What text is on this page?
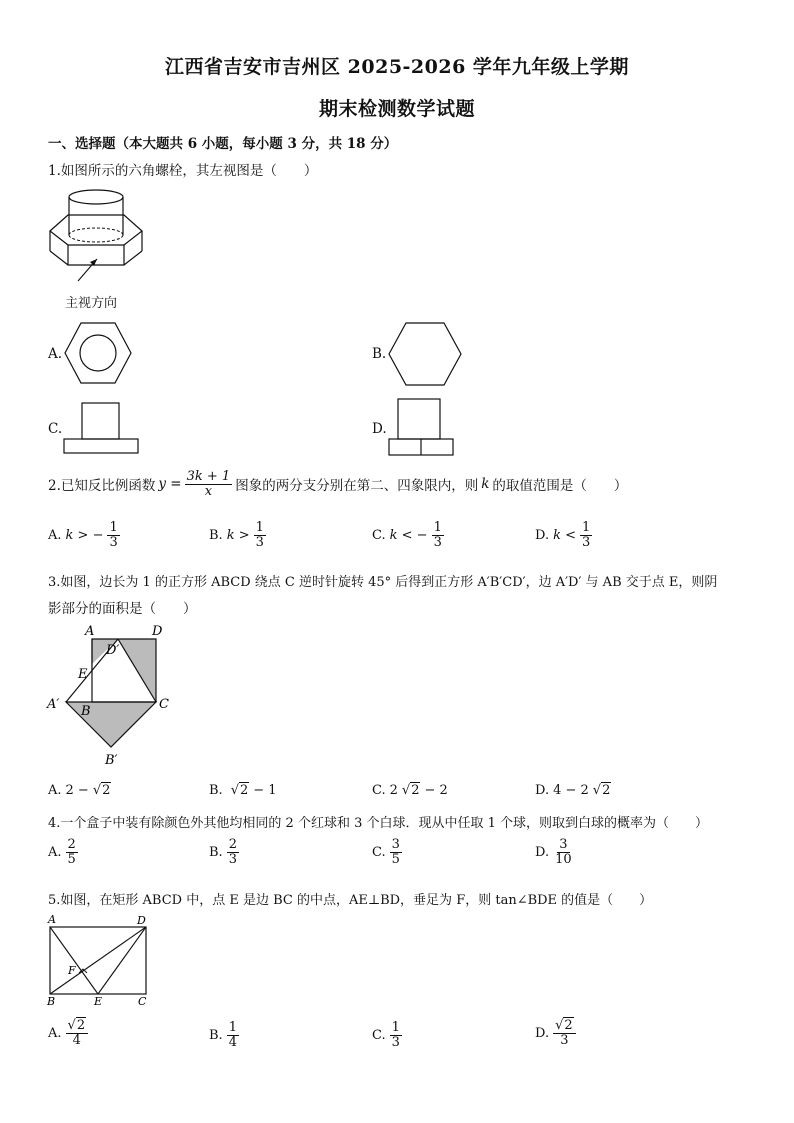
江西省吉安市吉州区 2025-2026 学年九年级上学期
期末检测数学试题
一、选择题（本大题共 6 小题，每小题 3 分，共 18 分）
1.如图所示的六角螺栓，其左视图是（　　）
主视方向
A.	B.
C.	D.
2.已知反比例函数 $y = \frac{3k + 1}{x}$ 图象的两分支分别在第二、四象限内，则 k 的取值范围是（　　）
A. k > − $\frac{1}{3}$	B. $k > \frac{1}{3}$	C. k < − $\frac{1}{3}$	D. $k < \frac{1}{3}$
3.如图，边长为 1 的正方形 ABCD 绕点 C 逆时针旋转 45° 后得到正方形 A′B′CD′，边 A′D′ 与 AB 交于点 E，则阴
影部分的面积是（　　）
A	D
D′
E
A′ B	C
B′
A. 2 − √2	B. √2 − 1	C. 2 √2 − 2	D. 4 − 2 √2
4.一个盒子中装有除颜色外其他均相同的 2 个红球和 3 个白球．现从中任取 1 个球，则取到白球的概率为（　　）
A. $\frac{2}{5}$	B. $\frac{2}{3}$	C. $\frac{3}{5}$	D. $\frac{3}{10}$
5.如图，在矩形 ABCD 中，点 E 是边 BC 的中点，AE⊥BD，垂足为 F，则 tan∠BDE 的值是（　　）
A	D
F
B	E	C
A. $\frac{√2}{4}$	B. $\frac{1}{4}$	C. $\frac{1}{3}$	D. $\frac{√2}{3}$
